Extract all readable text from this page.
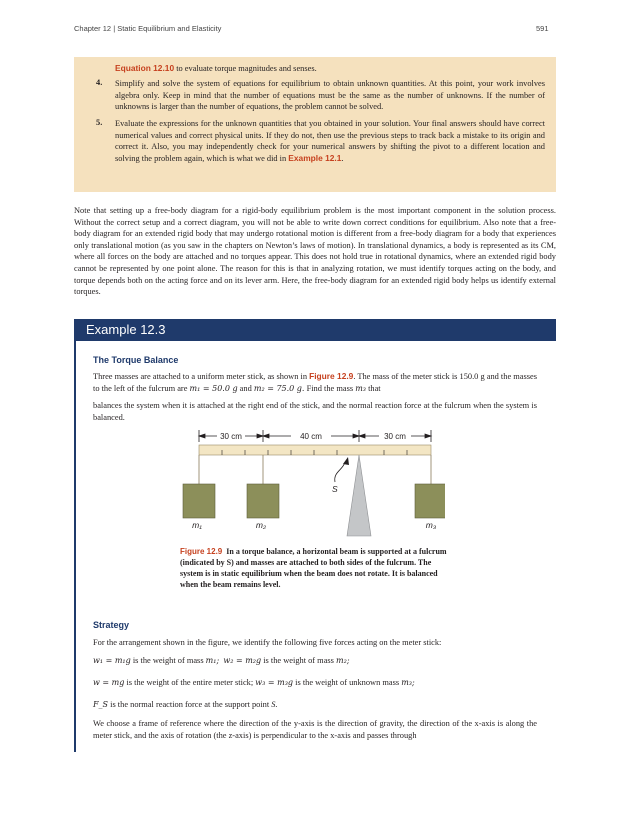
Chapter 12 | Static Equilibrium and Elasticity	591
Equation 12.10 to evaluate torque magnitudes and senses.
4. Simplify and solve the system of equations for equilibrium to obtain unknown quantities. At this point, your work involves algebra only. Keep in mind that the number of equations must be the same as the number of unknowns. If the number of unknowns is larger than the number of equations, the problem cannot be solved.
5. Evaluate the expressions for the unknown quantities that you obtained in your solution. Your final answers should have correct numerical values and correct physical units. If they do not, then use the previous steps to track back a mistake to its origin and correct it. Also, you may independently check for your numerical answers by shifting the pivot to a different location and solving the problem again, which is what we did in Example 12.1.
Note that setting up a free-body diagram for a rigid-body equilibrium problem is the most important component in the solution process. Without the correct setup and a correct diagram, you will not be able to write down correct conditions for equilibrium. Also note that a free-body diagram for an extended rigid body that may undergo rotational motion is different from a free-body diagram for a body that experiences only translational motion (as you saw in the chapters on Newton’s laws of motion). In translational dynamics, a body is represented as its CM, where all forces on the body are attached and no torques appear. This does not hold true in rotational dynamics, where an extended rigid body cannot be represented by one point alone. The reason for this is that in analyzing rotation, we must identify torques acting on the body, and torque depends both on the acting force and on its lever arm. Here, the free-body diagram for an extended rigid body helps us identify external torques.
Example 12.3
The Torque Balance
Three masses are attached to a uniform meter stick, as shown in Figure 12.9. The mass of the meter stick is 150.0 g and the masses to the left of the fulcrum are m₁ = 50.0 g and m₂ = 75.0 g. Find the mass m₃ that
balances the system when it is attached at the right end of the stick, and the normal reaction force at the fulcrum when the system is balanced.
30 cm	40 cm	30 cm
S
m₁	m₂	m₃
Figure 12.9 In a torque balance, a horizontal beam is supported at a fulcrum (indicated by S) and masses are attached to both sides of the fulcrum. The system is in static equilibrium when the beam does not rotate. It is balanced when the beam remains level.
Strategy
For the arrangement shown in the figure, we identify the following five forces acting on the meter stick:
w₁ = m₁g is the weight of mass m₁; w₂ = m₂g is the weight of mass m₂;
w = mg is the weight of the entire meter stick; w₃ = m₃g is the weight of unknown mass m₃;
F_S is the normal reaction force at the support point S.
We choose a frame of reference where the direction of the y-axis is the direction of gravity, the direction of the x-axis is along the meter stick, and the axis of rotation (the z-axis) is perpendicular to the x-axis and passes through
